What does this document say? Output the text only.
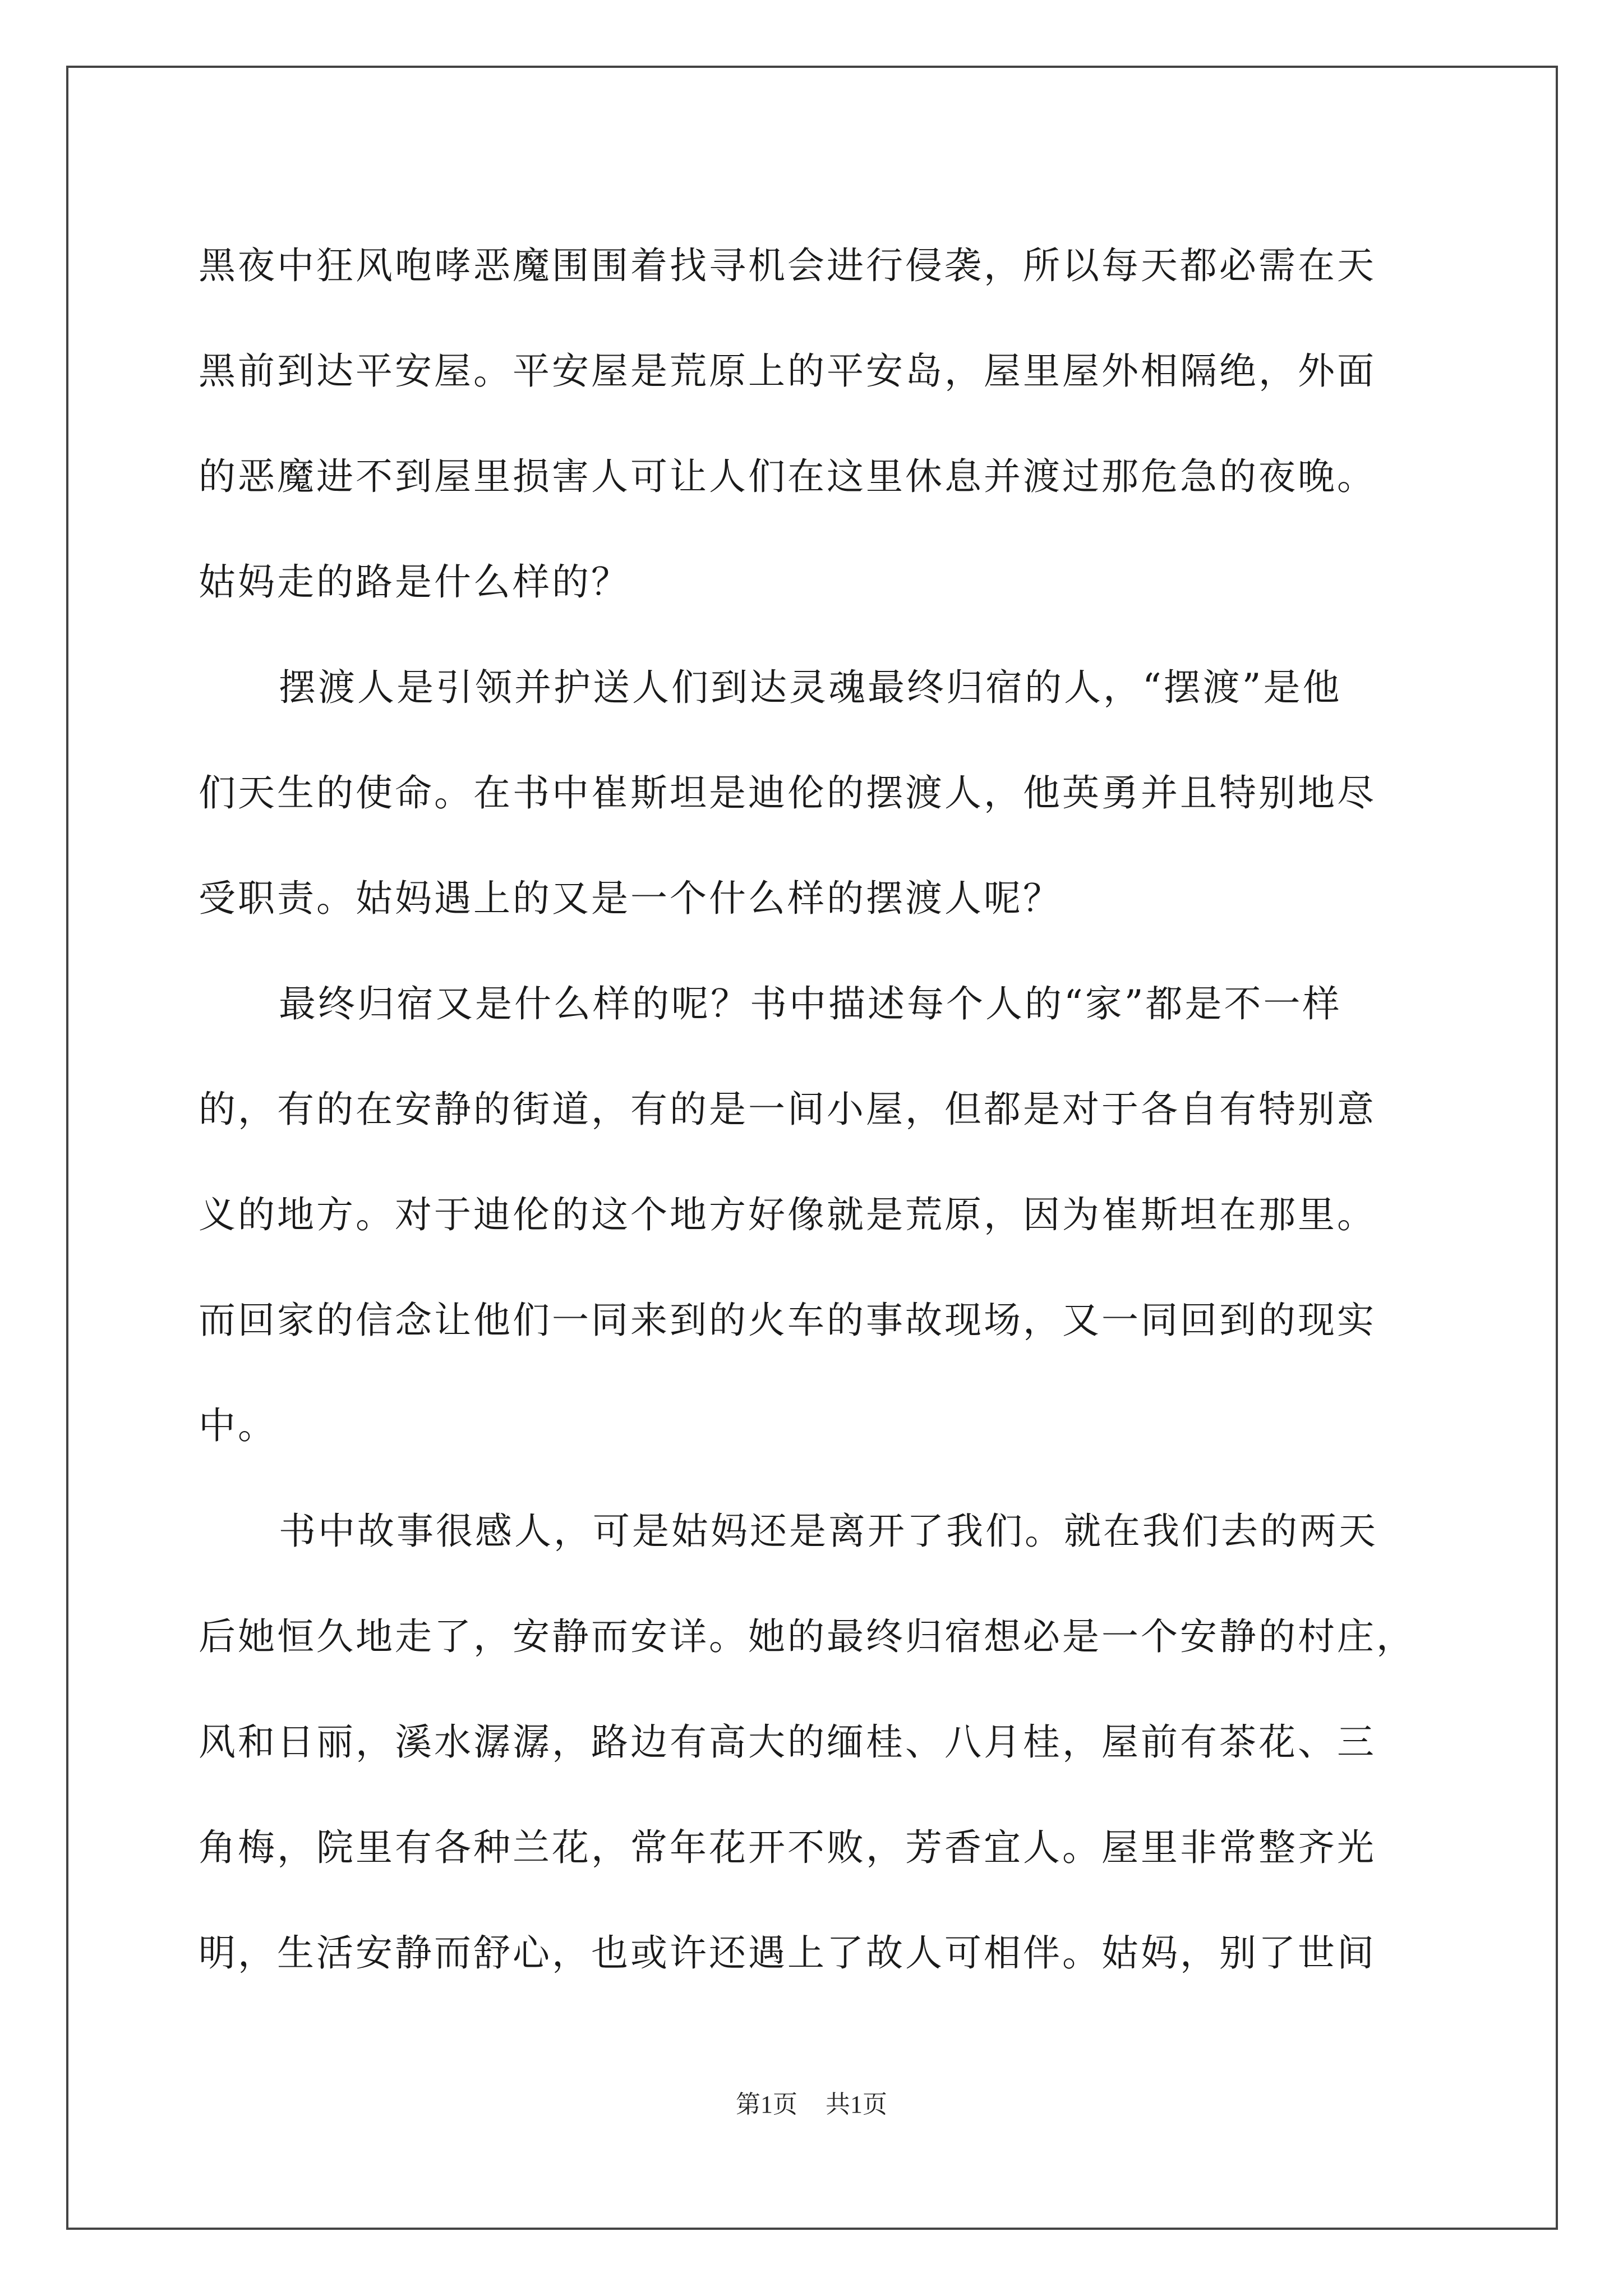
黑夜中狂风咆哮恶魔围围着找寻机会进行侵袭，所以每天都必需在天
黑前到达平安屋。平安屋是荒原上的平安岛，屋里屋外相隔绝，外面
的恶魔进不到屋里损害人可让人们在这里休息并渡过那危急的夜晚。
姑妈走的路是什么样的？
摆渡人是引领并护送人们到达灵魂最终归宿的人，“摆渡”是他
们天生的使命。在书中崔斯坦是迪伦的摆渡人，他英勇并且特别地尽
受职责。姑妈遇上的又是一个什么样的摆渡人呢？
最终归宿又是什么样的呢？书中描述每个人的“家”都是不一样
的，有的在安静的街道，有的是一间小屋，但都是对于各自有特别意
义的地方。对于迪伦的这个地方好像就是荒原，因为崔斯坦在那里。
而回家的信念让他们一同来到的火车的事故现场，又一同回到的现实
中。
书中故事很感人，可是姑妈还是离开了我们。就在我们去的两天
后她恒久地走了，安静而安详。她的最终归宿想必是一个安静的村庄，
风和日丽，溪水潺潺，路边有高大的缅桂、八月桂，屋前有茶花、三
角梅，院里有各种兰花，常年花开不败，芳香宜人。屋里非常整齐光
明，生活安静而舒心，也或许还遇上了故人可相伴。姑妈，别了世间
第1页 共1页
